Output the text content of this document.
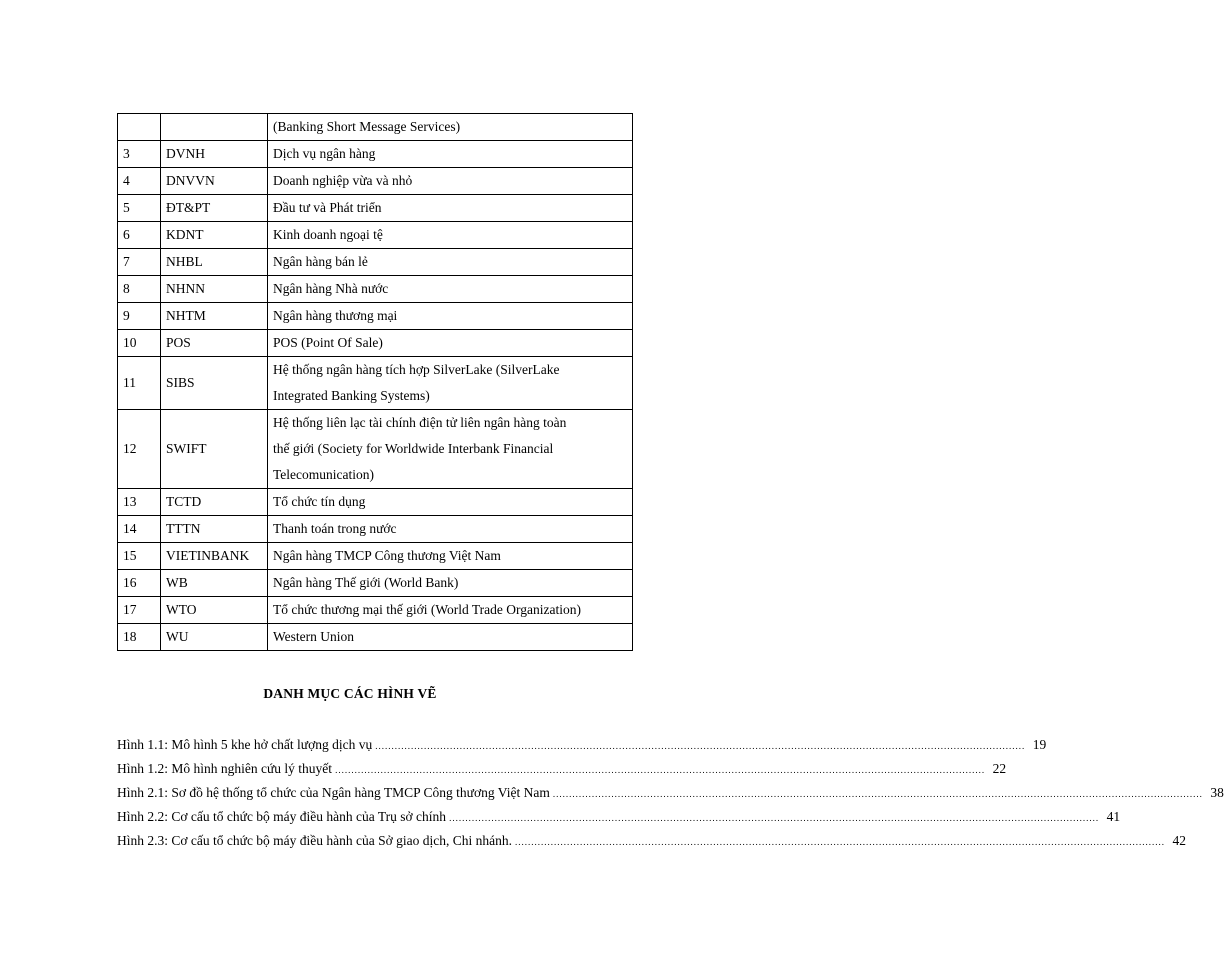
		(Banking Short Message Services)

3	DVNH	Dịch vụ ngân hàng

4	DNVVN	Doanh nghiệp vừa và nhỏ

5	ĐT&PT	Đầu tư và Phát triển

6	KDNT	Kinh doanh ngoại tệ

7	NHBL	Ngân hàng bán lẻ

8	NHNN	Ngân hàng Nhà nước

9	NHTM	Ngân hàng thương mại

10	POS	POS (Point Of Sale)

11	SIBS	Hệ thống ngân hàng tích hợp SilverLake (SilverLake
Integrated Banking Systems)

12	SWIFT	Hệ thống liên lạc tài chính điện tử liên ngân hàng toàn
thế giới (Society for Worldwide Interbank Financial
Telecomunication)

13	TCTD	Tổ chức tín dụng

14	TTTN	Thanh toán trong nước

15	VIETINBANK	Ngân hàng TMCP Công thương Việt Nam

16	WB	Ngân hàng Thế giới (World Bank)

17	WTO	Tổ chức thương mại thế giới (World Trade Organization)

18	WU	Western Union
DANH MỤC CÁC HÌNH VẼ
Hình 1.1: Mô hình 5 khe hở chất lượng dịch vụ ........................................................................................................................................................................................................ 19
Hình 1.2: Mô hình nghiên cứu lý thuyết ........................................................................................................................................................................................................ 22
Hình 2.1: Sơ đồ hệ thống tổ chức của Ngân hàng TMCP Công thương Việt Nam ........................................................................................................................................................................................................ 38
Hình 2.2: Cơ cấu tổ chức bộ máy điều hành của Trụ sở chính ........................................................................................................................................................................................................ 41
Hình 2.3: Cơ cấu tổ chức bộ máy điều hành của Sở giao dịch, Chi nhánh. ........................................................................................................................................................................................................ 42
